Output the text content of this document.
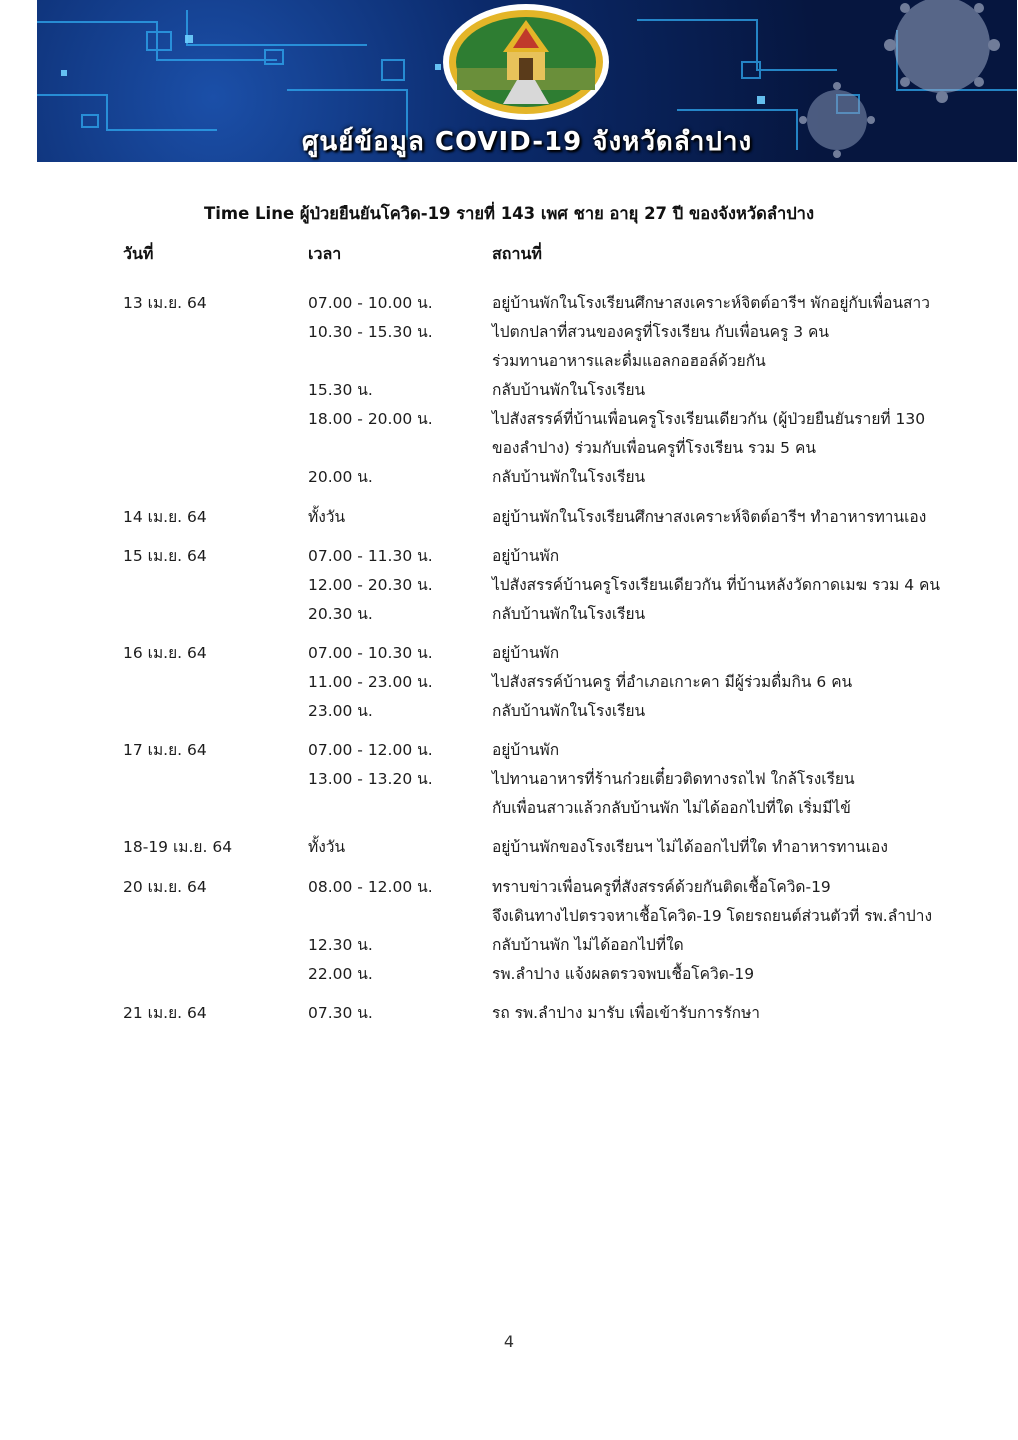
ศูนย์ข้อมูล COVID-19 จังหวัดลำปาง
Time Line ผู้ป่วยยืนยันโควิด-19 รายที่ 143 เพศ ชาย อายุ 27 ปี ของจังหวัดลำปาง
วันที่	เวลา	สถานที่
13 เม.ย. 64	07.00 - 10.00 น.	อยู่บ้านพักในโรงเรียนศึกษาสงเคราะห์จิตต์อารีฯ พักอยู่กับเพื่อนสาว
10.30 - 15.30 น.	ไปตกปลาที่สวนของครูที่โรงเรียน กับเพื่อนครู 3 คน
ร่วมทานอาหารและดื่มแอลกอฮอล์ด้วยกัน
15.30 น.	กลับบ้านพักในโรงเรียน
18.00 - 20.00 น.	ไปสังสรรค์ที่บ้านเพื่อนครูโรงเรียนเดียวกัน (ผู้ป่วยยืนยันรายที่ 130
ของลำปาง) ร่วมกับเพื่อนครูที่โรงเรียน รวม 5 คน
20.00 น.	กลับบ้านพักในโรงเรียน
14 เม.ย. 64	ทั้งวัน	อยู่บ้านพักในโรงเรียนศึกษาสงเคราะห์จิตต์อารีฯ ทำอาหารทานเอง
15 เม.ย. 64	07.00 - 11.30 น.	อยู่บ้านพัก
12.00 - 20.30 น.	ไปสังสรรค์บ้านครูโรงเรียนเดียวกัน ที่บ้านหลังวัดกาดเมฆ รวม 4 คน
20.30 น.	กลับบ้านพักในโรงเรียน
16 เม.ย. 64	07.00 - 10.30 น.	อยู่บ้านพัก
11.00 - 23.00 น.	ไปสังสรรค์บ้านครู ที่อำเภอเกาะคา มีผู้ร่วมดื่มกิน 6 คน
23.00 น.	กลับบ้านพักในโรงเรียน
17 เม.ย. 64	07.00 - 12.00 น.	อยู่บ้านพัก
13.00 - 13.20 น.	ไปทานอาหารที่ร้านก๋วยเตี๋ยวติดทางรถไฟ ใกล้โรงเรียน
กับเพื่อนสาวแล้วกลับบ้านพัก ไม่ได้ออกไปที่ใด เริ่มมีไข้
18-19 เม.ย. 64	ทั้งวัน	อยู่บ้านพักของโรงเรียนฯ ไม่ได้ออกไปที่ใด ทำอาหารทานเอง
20 เม.ย. 64	08.00 - 12.00 น.	ทราบข่าวเพื่อนครูที่สังสรรค์ด้วยกันติดเชื้อโควิด-19
จึงเดินทางไปตรวจหาเชื้อโควิด-19 โดยรถยนต์ส่วนตัวที่ รพ.ลำปาง
12.30 น.	กลับบ้านพัก ไม่ได้ออกไปที่ใด
22.00 น.	รพ.ลำปาง แจ้งผลตรวจพบเชื้อโควิด-19
21 เม.ย. 64	07.30 น.	รถ รพ.ลำปาง มารับ เพื่อเข้ารับการรักษา
4
